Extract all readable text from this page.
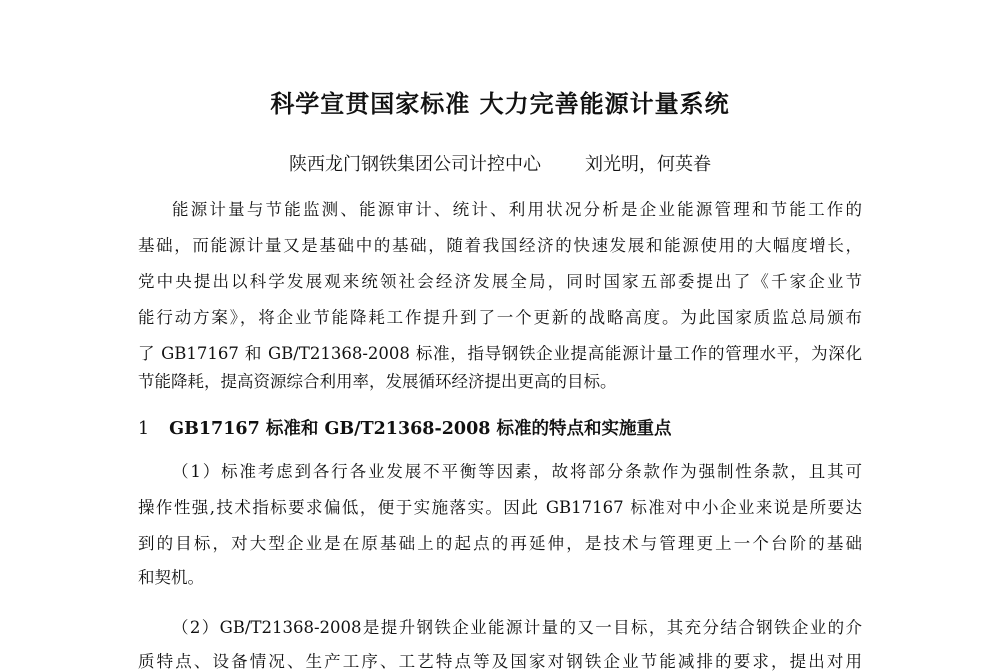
科学宣贯国家标准 大力完善能源计量系统

陕西龙门钢铁集团公司计控中心 刘光明，何英眷

能源计量与节能监测、能源审计、统计、利用状况分析是企业能源管理和节能工作的

基础，而能源计量又是基础中的基础，随着我国经济的快速发展和能源使用的大幅度增长，

党中央提出以科学发展观来统领社会经济发展全局，同时国家五部委提出了《千家企业节

能行动方案》，将企业节能降耗工作提升到了一个更新的战略高度。为此国家质监总局颁布

了 GB17167 和 GB/T21368-2008 标准，指导钢铁企业提高能源计量工作的管理水平，为深化

节能降耗，提高资源综合利用率，发展循环经济提出更高的目标。

1 GB17167 标准和 GB/T21368-2008 标准的特点和实施重点

（1）标准考虑到各行各业发展不平衡等因素，故将部分条款作为强制性条款，且其可

操作性强,技术指标要求偏低，便于实施落实。因此 GB17167 标准对中小企业来说是所要达

到的目标，对大型企业是在原基础上的起点的再延伸，是技术与管理更上一个台阶的基础

和契机。

（2）GB/T21368-2008是提升钢铁企业能源计量的又一目标，其充分结合钢铁企业的介

质特点、设备情况、生产工序、工艺特点等及国家对钢铁企业节能减排的要求，提出对用
